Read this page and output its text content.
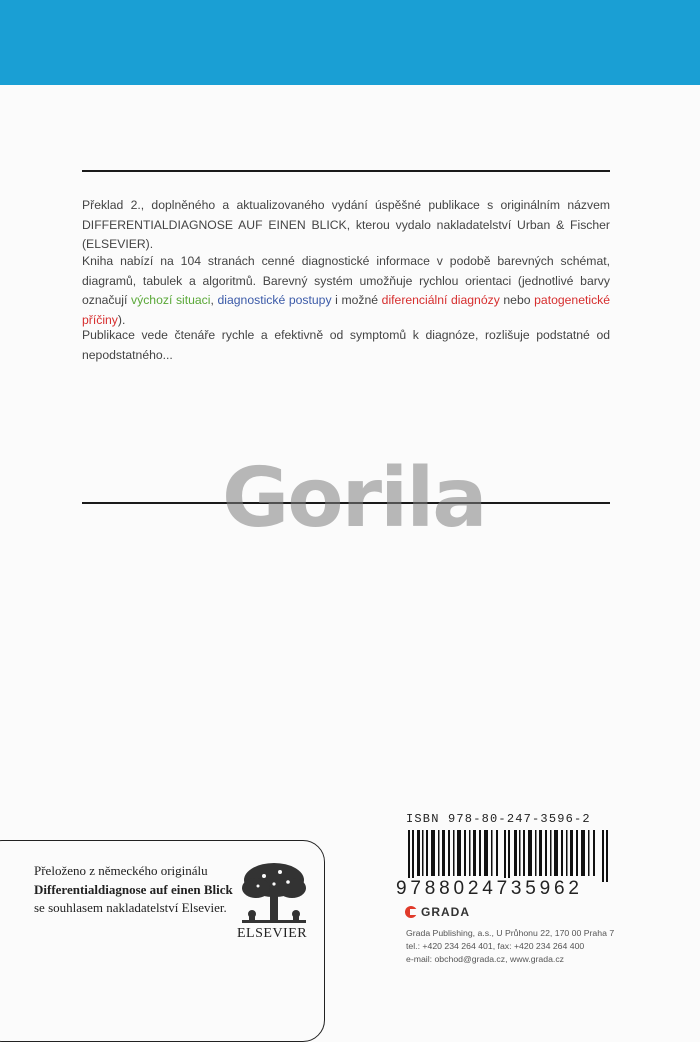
Překlad 2., doplněného a aktualizovaného vydání úspěšné publikace s originálním názvem DIFFERENTIALDIAGNOSE AUF EINEN BLICK, kterou vydalo nakladatelství Urban & Fischer (ELSEVIER).

Kniha nabízí na 104 stranách cenné diagnostické informace v podobě barevných schémat, diagramů, tabulek a algoritmů. Barevný systém umožňuje rychlou orientaci (jednotlivé barvy označují výchozí situaci, diagnostické postupy i možné diferenciální diagnózy nebo patogenetické příčiny).

Publikace vede čtenáře rychle a efektivně od symptomů k diagnóze, rozlišuje podstatné od nepodstatného...

Gorila
ISBN 978-80-247-3596-2
9788024735962
GRADA
Grada Publishing, a.s., U Průhonu 22, 170 00 Praha 7
tel.: +420 234 264 401, fax: +420 234 264 400
e-mail: obchod@grada.cz, www.grada.cz
Přeloženo z německého originálu
Differentialdiagnose auf einen Blick se souhlasem nakladatelství Elsevier.
ELSEVIER
